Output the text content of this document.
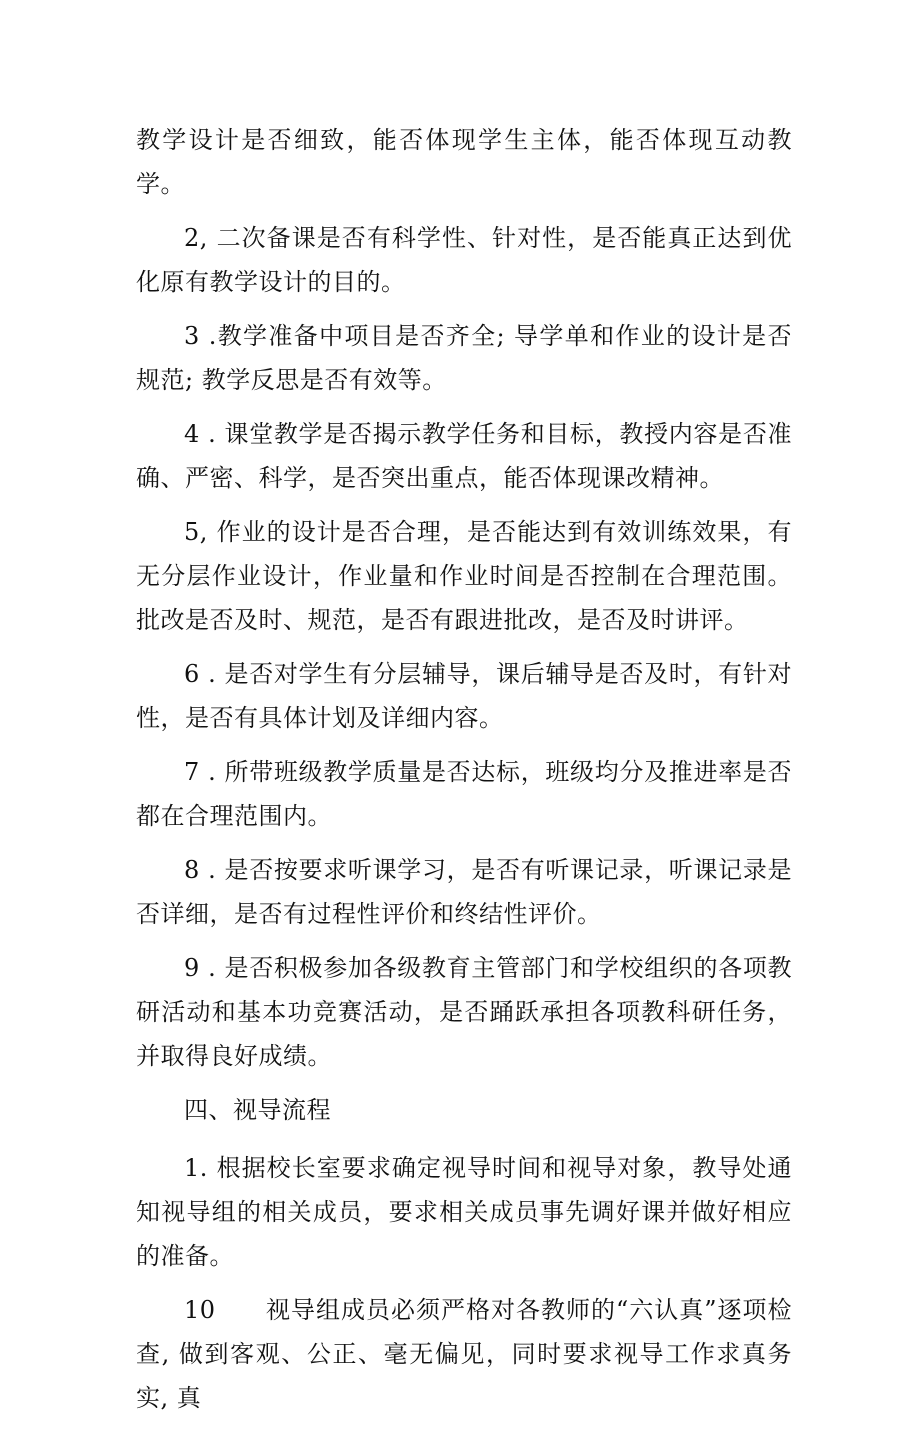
教学设计是否细致，能否体现学生主体，能否体现互动教学。

2, 二次备课是否有科学性、针对性，是否能真正达到优化原有教学设计的目的。

3 .教学准备中项目是否齐全; 导学单和作业的设计是否规范; 教学反思是否有效等。

4 . 课堂教学是否揭示教学任务和目标，教授内容是否准确、严密、科学，是否突出重点，能否体现课改精神。

5, 作业的设计是否合理，是否能达到有效训练效果，有无分层作业设计，作业量和作业时间是否控制在合理范围。批改是否及时、规范，是否有跟进批改，是否及时讲评。

6 . 是否对学生有分层辅导，课后辅导是否及时，有针对性，是否有具体计划及详细内容。

7 . 所带班级教学质量是否达标，班级均分及推进率是否都在合理范围内。

8 . 是否按要求听课学习，是否有听课记录，听课记录是否详细，是否有过程性评价和终结性评价。

9 . 是否积极参加各级教育主管部门和学校组织的各项教研活动和基本功竞赛活动，是否踊跃承担各项教科研任务，并取得良好成绩。

四、视导流程

1. 根据校长室要求确定视导时间和视导对象，教导处通知视导组的相关成员，要求相关成员事先调好课并做好相应的准备。

10　　视导组成员必须严格对各教师的“六认真”逐项检查, 做到客观、公正、毫无偏见，同时要求视导工作求真务实, 真
